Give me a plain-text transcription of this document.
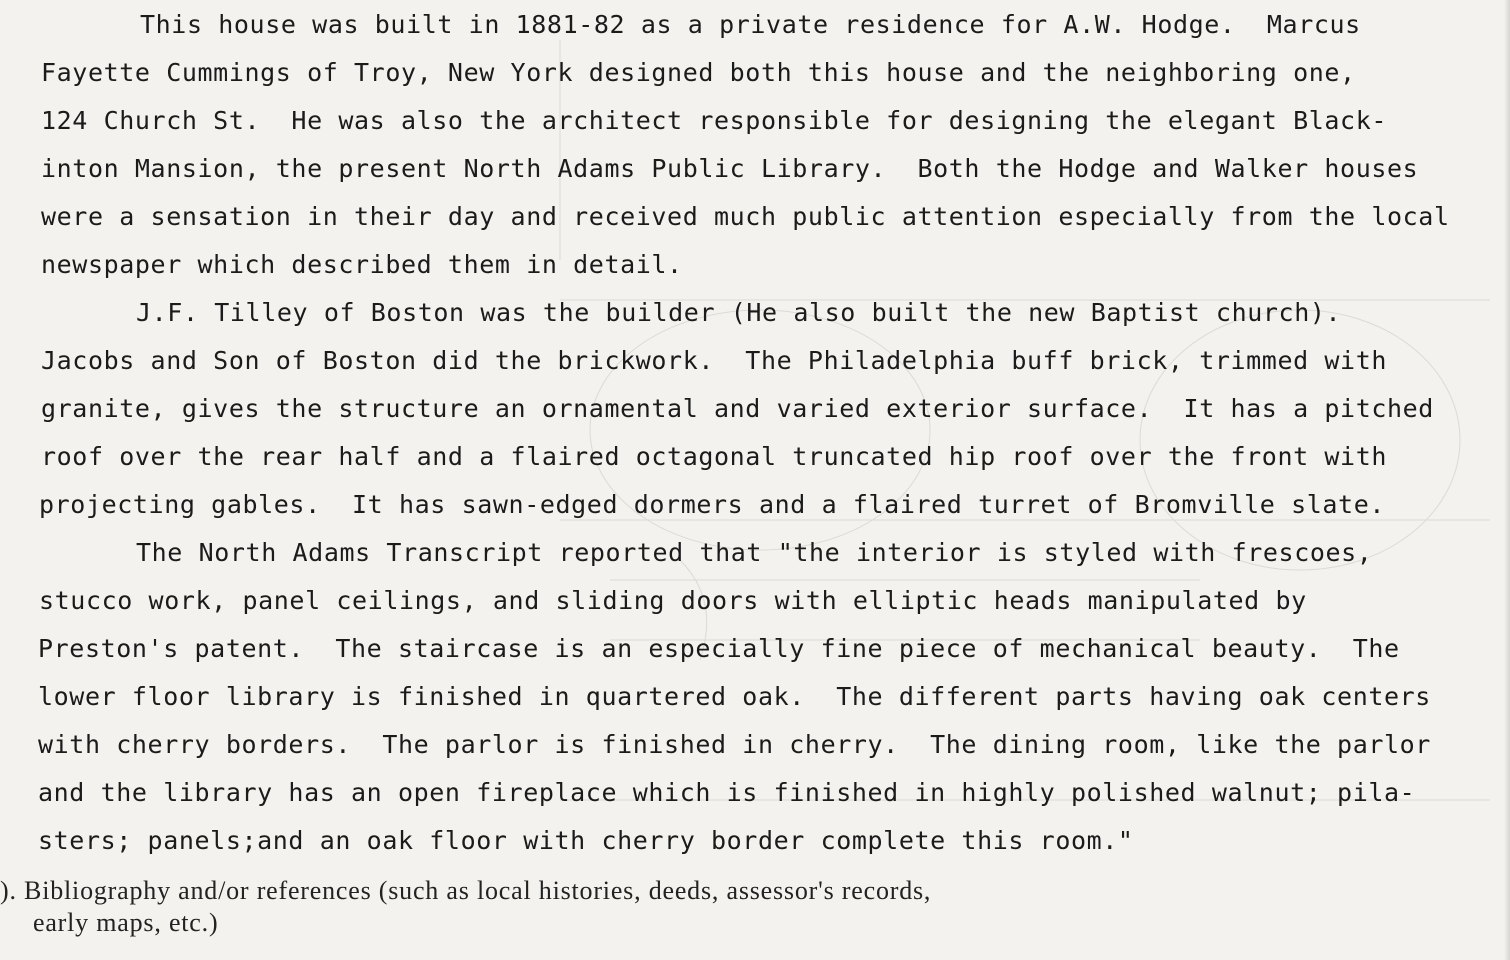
This house was built in 1881-82 as a private residence for A.W. Hodge.  Marcus
Fayette Cummings of Troy, New York designed both this house and the neighboring one,
124 Church St.  He was also the architect responsible for designing the elegant Black-
inton Mansion, the present North Adams Public Library.  Both the Hodge and Walker houses
were a sensation in their day and received much public attention especially from the local
newspaper which described them in detail.
J.F. Tilley of Boston was the builder (He also built the new Baptist church).
Jacobs and Son of Boston did the brickwork.  The Philadelphia buff brick, trimmed with
granite, gives the structure an ornamental and varied exterior surface.  It has a pitched
roof over the rear half and a flaired octagonal truncated hip roof over the front with
projecting gables.  It has sawn-edged dormers and a flaired turret of Bromville slate.
The North Adams Transcript reported that "the interior is styled with frescoes,
stucco work, panel ceilings, and sliding doors with elliptic heads manipulated by
Preston's patent.  The staircase is an especially fine piece of mechanical beauty.  The
lower floor library is finished in quartered oak.  The different parts having oak centers
with cherry borders.  The parlor is finished in cherry.  The dining room, like the parlor
and the library has an open fireplace which is finished in highly polished walnut; pila-
sters; panels;and an oak floor with cherry border complete this room."
). Bibliography and/or references (such as local histories, deeds, assessor's records,
early maps, etc.)
